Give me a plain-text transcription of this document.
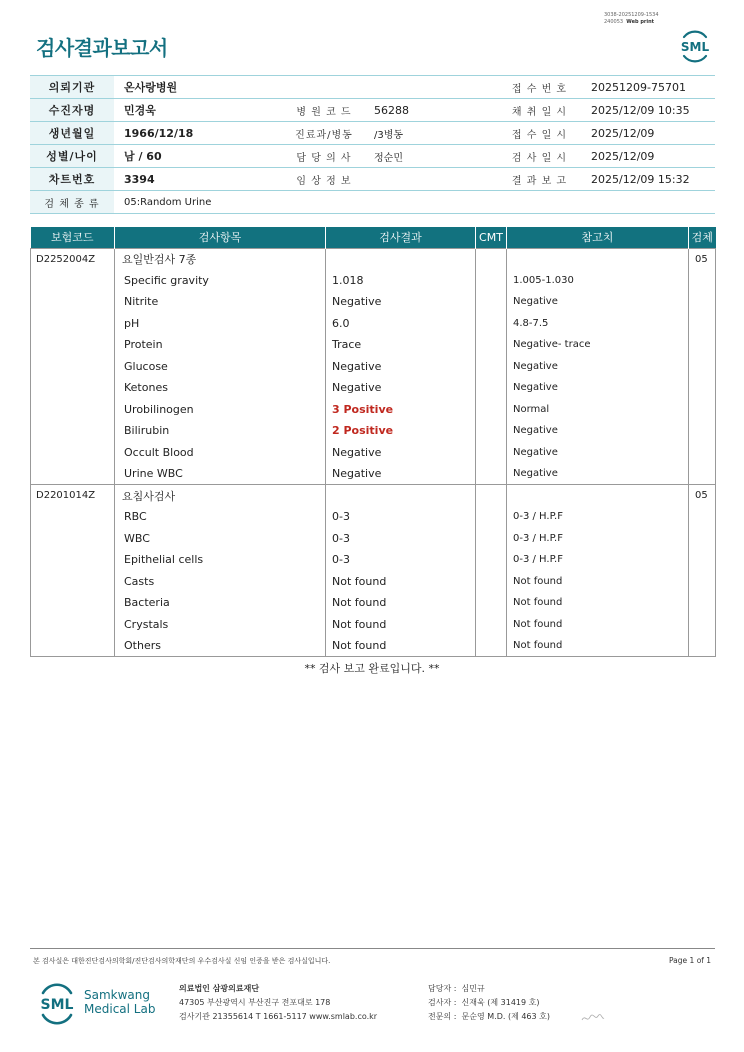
3038-20251209-1534
240053 Web print
검사결과보고서	SML
의뢰기관	온사랑병원			접 수 번 호	20251209-75701
수진자명	민경욱	병 원 코 드	56288	채 취 일 시	2025/12/09 10:35
생년월일	1966/12/18	진료과/병동	/3병동	접 수 일 시	2025/12/09
성별/나이	남 / 60	담 당 의 사	정순민	검 사 일 시	2025/12/09
차트번호	3394	임 상 정 보		결 과 보 고	2025/12/09 15:32
검 체 종 류	05:Random Urine				
보험코드	검사항목	검사결과	CMT	참고치	검체
D2252004Z	요일반검사 7종				05
	Specific gravity	1.018		1.005-1.030	
	Nitrite	Negative		Negative	
	pH	6.0		4.8-7.5	
	Protein	Trace		Negative- trace	
	Glucose	Negative		Negative	
	Ketones	Negative		Negative	
	Urobilinogen	3 Positive		Normal	
	Bilirubin	2 Positive		Negative	
	Occult Blood	Negative		Negative	
	Urine WBC	Negative		Negative	
D2201014Z	요침사검사				05
	RBC	0-3		0-3 / H.P.F	
	WBC	0-3		0-3 / H.P.F	
	Epithelial cells	0-3		0-3 / H.P.F	
	Casts	Not found		Not found	
	Bacteria	Not found		Not found	
	Crystals	Not found		Not found	
	Others	Not found		Not found	
** 검사 보고 완료입니다. **
본 검사실은 대한진단검사의학회/진단검사의학재단의 우수검사실 신임 인증을 받은 검사실입니다.	Page 1 of 1
SML
Samkwang
Medical Lab
의료법인 삼광의료재단
47305 부산광역시 부산진구 전포대로 178
검사기관 21355614 T 1661-5117 www.smlab.co.kr
담당자 : 심민규
검사자 : 신재욱 (제 31419 호)
전문의 : 문순영 M.D. (제 463 호)
